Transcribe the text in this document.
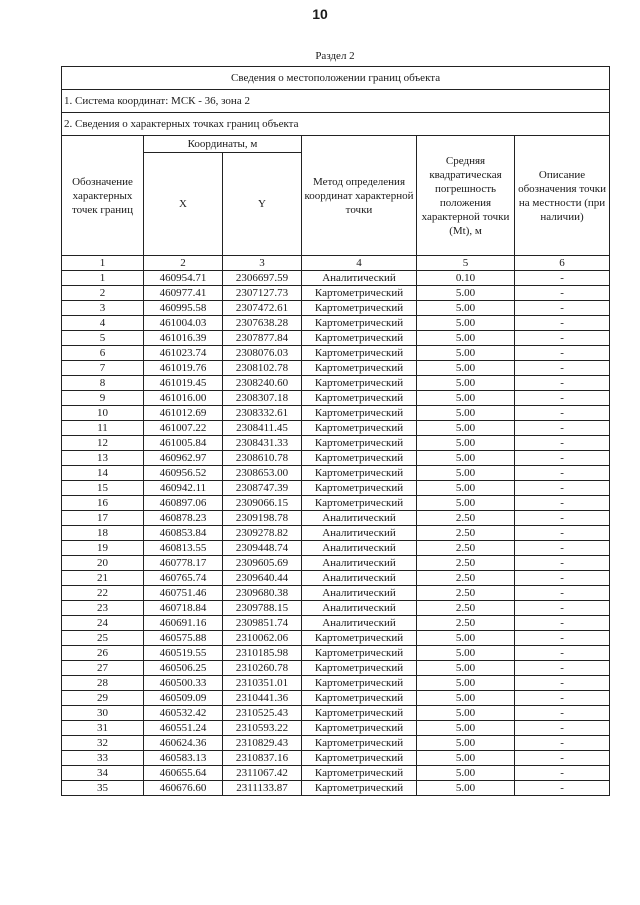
10
Раздел 2
Сведения о местоположении границ объекта					
1. Система координат: МСК - 36, зона 2					
2. Сведения о характерных точках границ объекта					
Обозначение характерных точек границ	Координаты, м		Метод определения координат характерной точки	Средняя квадратическая погрешность положения характерной точки (Mt), м	Описание обозначения точки на местности (при наличии)
	X	Y			
1	2	3	4	5	6
1	460954.71	2306697.59	Аналитический	0.10	-
2	460977.41	2307127.73	Картометрический	5.00	-
3	460995.58	2307472.61	Картометрический	5.00	-
4	461004.03	2307638.28	Картометрический	5.00	-
5	461016.39	2307877.84	Картометрический	5.00	-
6	461023.74	2308076.03	Картометрический	5.00	-
7	461019.76	2308102.78	Картометрический	5.00	-
8	461019.45	2308240.60	Картометрический	5.00	-
9	461016.00	2308307.18	Картометрический	5.00	-
10	461012.69	2308332.61	Картометрический	5.00	-
11	461007.22	2308411.45	Картометрический	5.00	-
12	461005.84	2308431.33	Картометрический	5.00	-
13	460962.97	2308610.78	Картометрический	5.00	-
14	460956.52	2308653.00	Картометрический	5.00	-
15	460942.11	2308747.39	Картометрический	5.00	-
16	460897.06	2309066.15	Картометрический	5.00	-
17	460878.23	2309198.78	Аналитический	2.50	-
18	460853.84	2309278.82	Аналитический	2.50	-
19	460813.55	2309448.74	Аналитический	2.50	-
20	460778.17	2309605.69	Аналитический	2.50	-
21	460765.74	2309640.44	Аналитический	2.50	-
22	460751.46	2309680.38	Аналитический	2.50	-
23	460718.84	2309788.15	Аналитический	2.50	-
24	460691.16	2309851.74	Аналитический	2.50	-
25	460575.88	2310062.06	Картометрический	5.00	-
26	460519.55	2310185.98	Картометрический	5.00	-
27	460506.25	2310260.78	Картометрический	5.00	-
28	460500.33	2310351.01	Картометрический	5.00	-
29	460509.09	2310441.36	Картометрический	5.00	-
30	460532.42	2310525.43	Картометрический	5.00	-
31	460551.24	2310593.22	Картометрический	5.00	-
32	460624.36	2310829.43	Картометрический	5.00	-
33	460583.13	2310837.16	Картометрический	5.00	-
34	460655.64	2311067.42	Картометрический	5.00	-
35	460676.60	2311133.87	Картометрический	5.00	-
